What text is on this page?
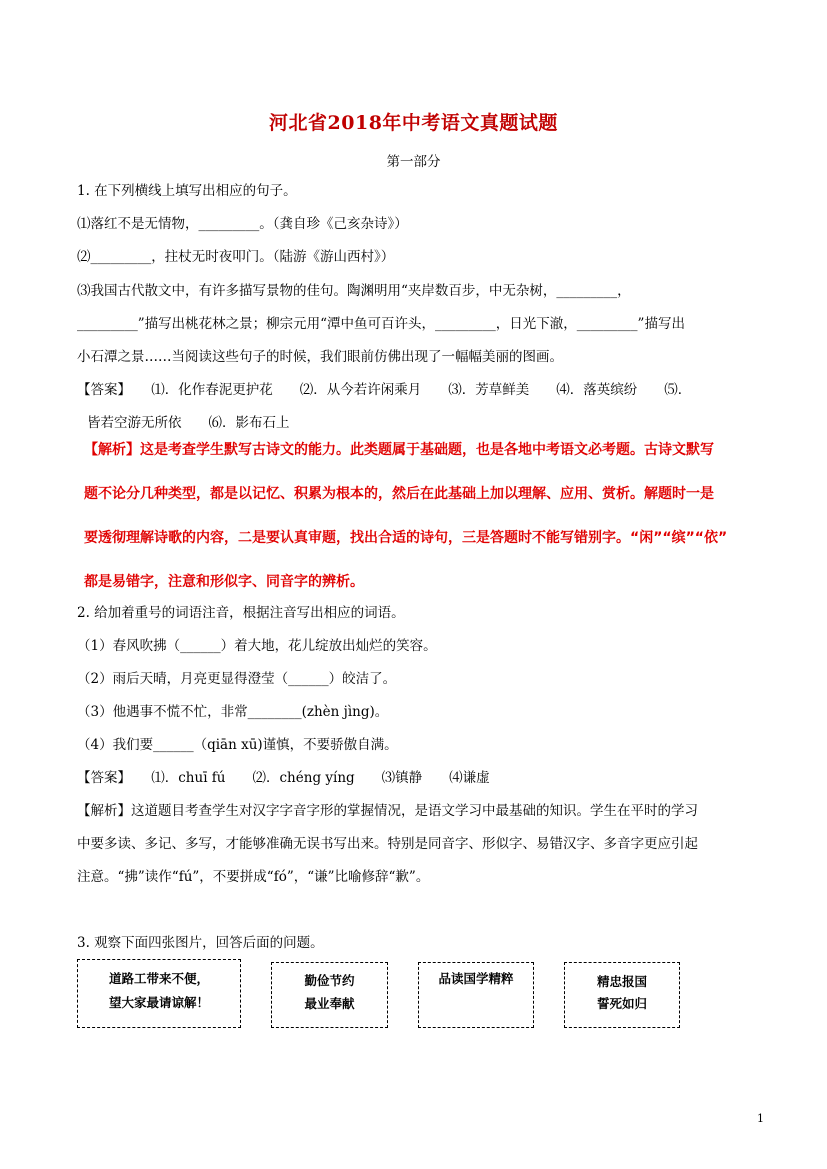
河北省2018年中考语文真题试题
第一部分
1. 在下列横线上填写出相应的句子。
⑴落红不是无情物，_________。（龚自珍《己亥杂诗》）
⑵_________，拄杖无时夜叩门。（陆游《游山西村》）
⑶我国古代散文中，有许多描写景物的佳句。陶渊明用“夹岸数百步，中无杂树，_________，
_________”描写出桃花林之景；柳宗元用“潭中鱼可百许头，_________，日光下澈，_________”描写出
小石潭之景……当阅读这些句子的时候，我们眼前仿佛出现了一幅幅美丽的图画。
【答案】　　⑴．化作春泥更护花　　⑵．从今若许闲乘月　　⑶．芳草鲜美　　⑷．落英缤纷　　⑸．
皆若空游无所依　　⑹．影布石上
【解析】这是考查学生默写古诗文的能力。此类题属于基础题，也是各地中考语文必考题。古诗文默写
题不论分几种类型，都是以记忆、积累为根本的，然后在此基础上加以理解、应用、赏析。解题时一是
要透彻理解诗歌的内容，二是要认真审题，找出合适的诗句，三是答题时不能写错别字。“闲”“缤”“依”
都是易错字，注意和形似字、同音字的辨析。
2. 给加着重号的词语注音，根据注音写出相应的词语。
（1）春风吹拂（______）着大地，花儿绽放出灿烂的笑容。
（2）雨后天晴，月亮更显得澄莹（______）皎洁了。
（3）他遇事不慌不忙，非常________(zhèn jìng)。
（4）我们要______（qiān xū)谨慎，不要骄傲自满。
【答案】　　⑴．chuī fú　　⑵．chéng yíng　　⑶镇静　　⑷谦虚
【解析】这道题目考查学生对汉字字音字形的掌握情况，是语文学习中最基础的知识。学生在平时的学习
中要多读、多记、多写，才能够准确无误书写出来。特别是同音字、形似字、易错汉字、多音字更应引起
注意。“拂”读作“fú”，不要拼成“fó”，“谦”比喻修辞“歉”。
3. 观察下面四张图片，回答后面的问题。
道路工带来不便，
望大家最请谅解！
勤俭节约
最业奉献
品读国学精粹	精忠报国
誓死如归
1
